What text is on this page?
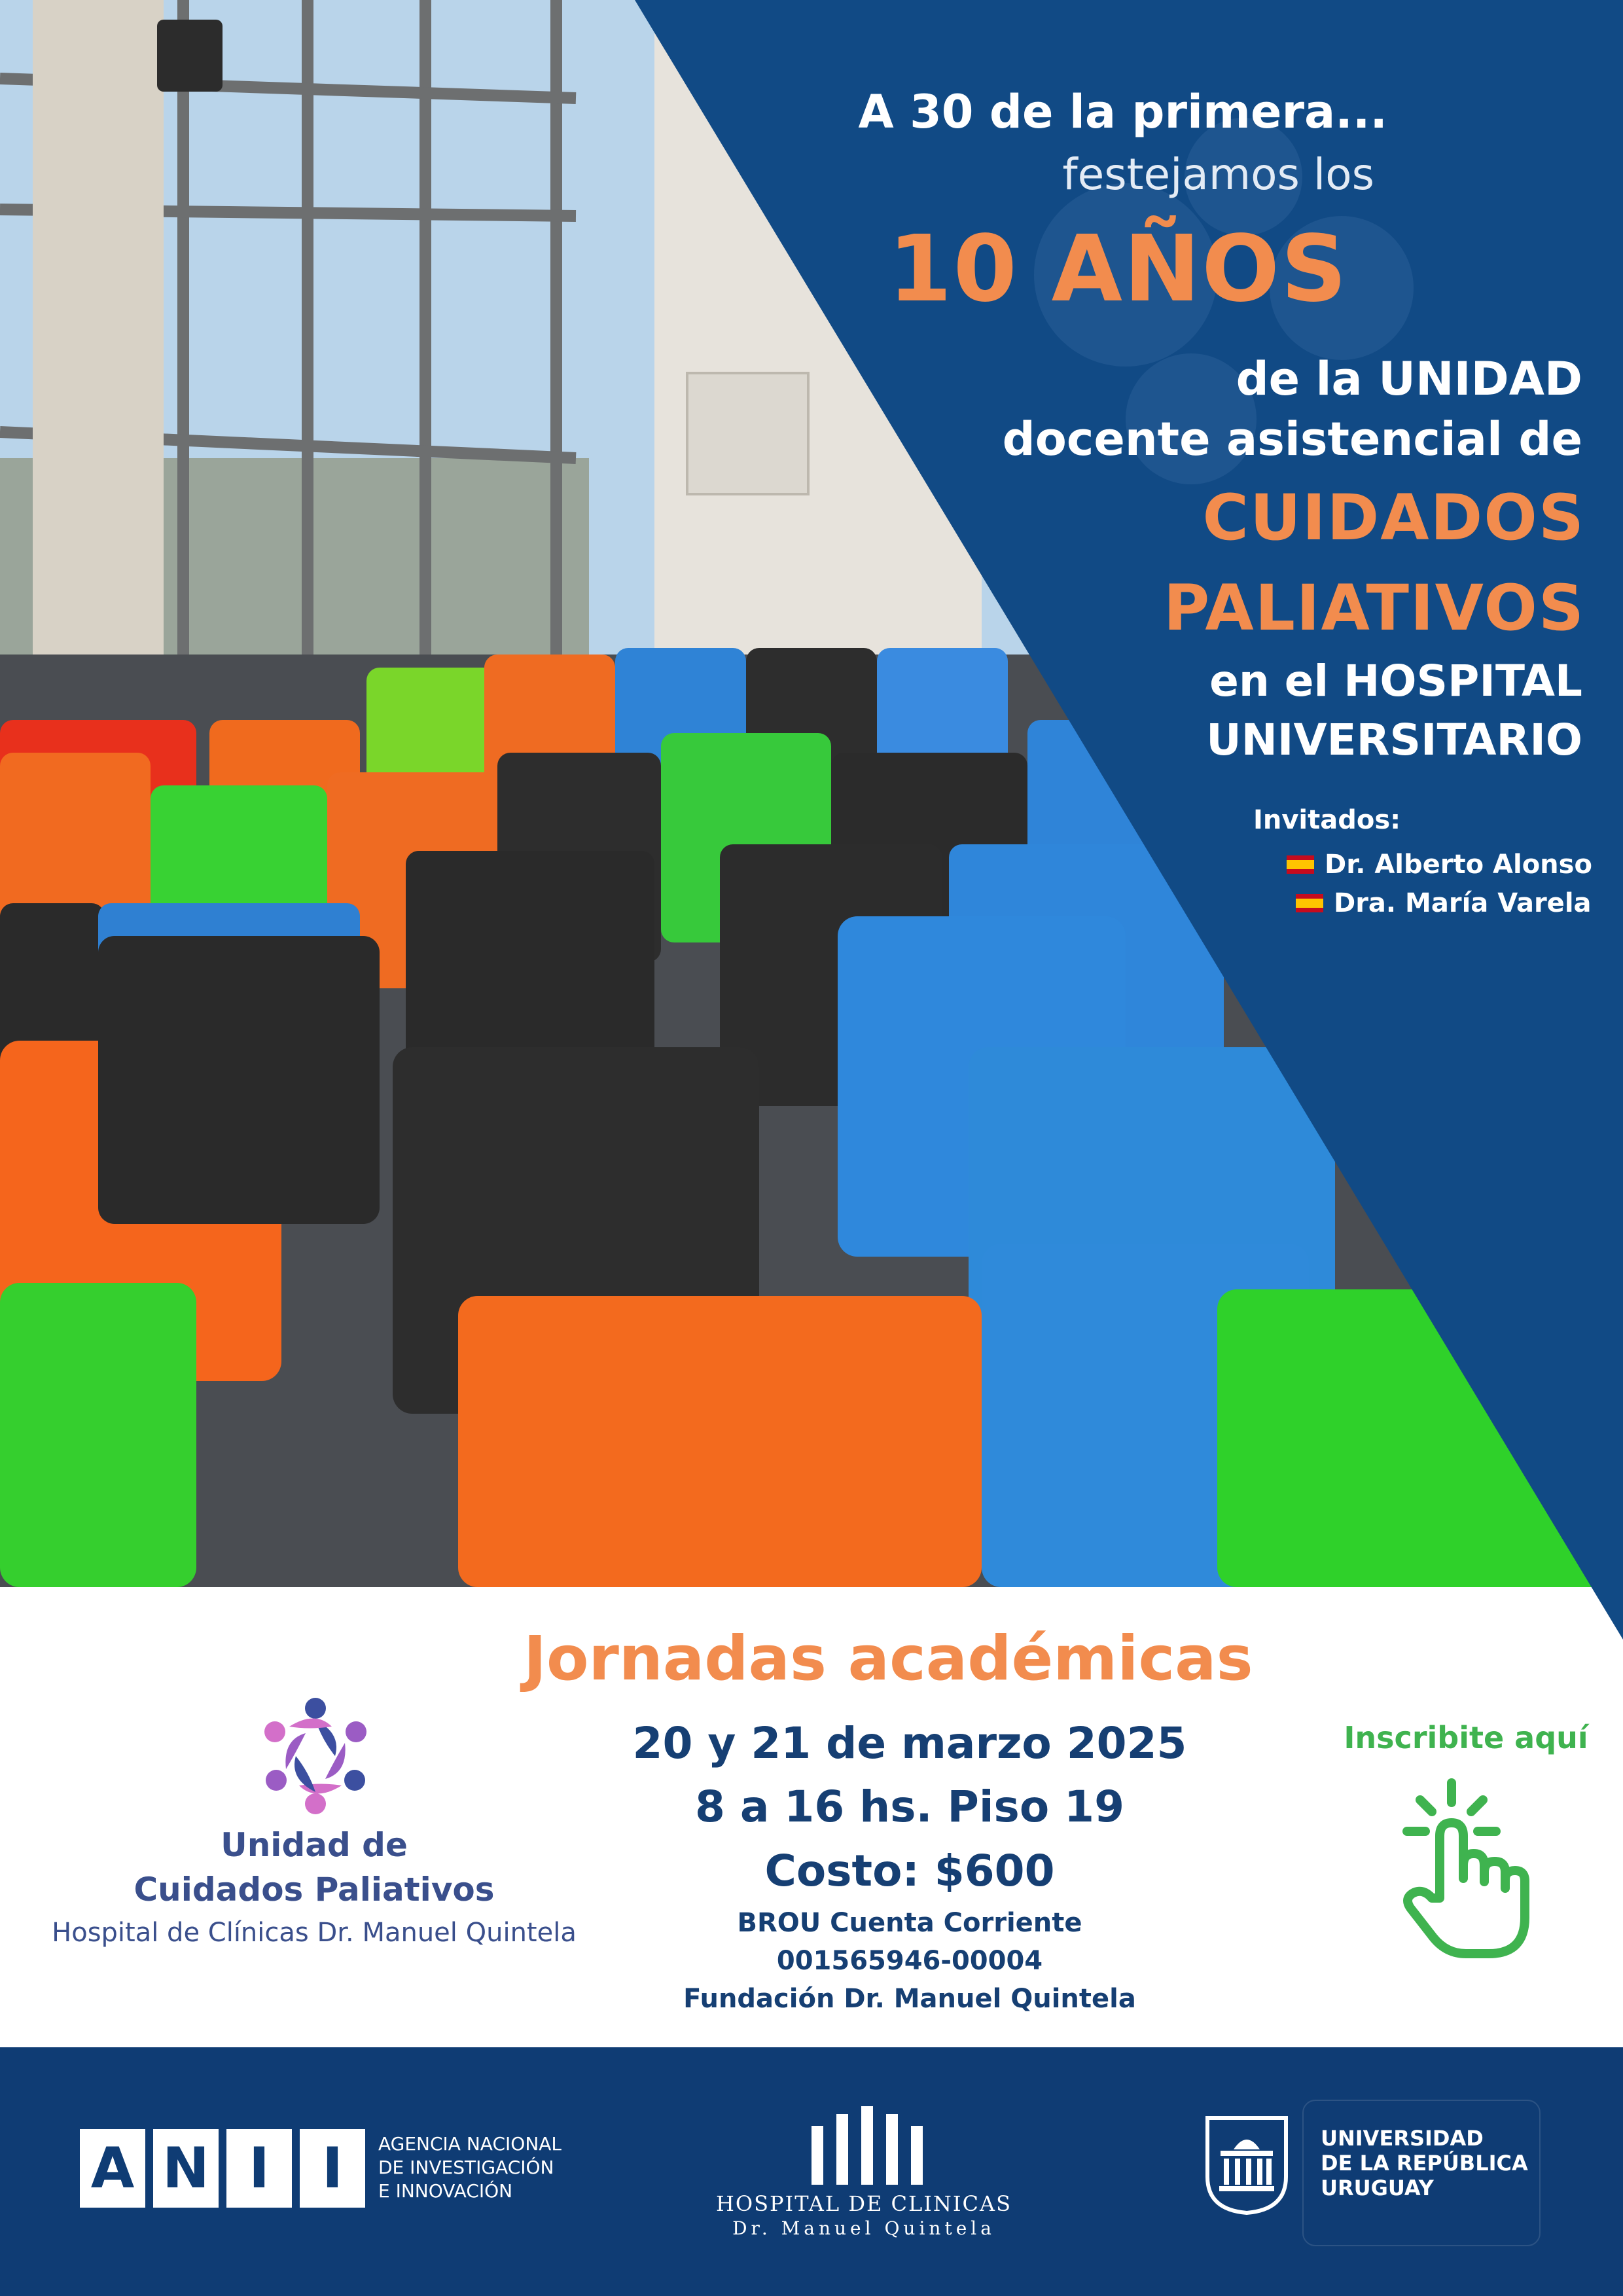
A 30 de la primera...
festejamos los
10 AÑOS
de la UNIDAD
docente asistencial de
CUIDADOS
PALIATIVOS
en el HOSPITAL
UNIVERSITARIO
Invitados:
Dr. Alberto Alonso
Dra. María Varela
Jornadas académicas
20 y 21 de marzo 2025
8 a 16 hs. Piso 19
Costo: $600
BROU Cuenta Corriente
001565946-00004
Fundación Dr. Manuel Quintela
Unidad de
Cuidados Paliativos
Hospital de Clínicas Dr. Manuel Quintela
Inscribite aquí
A N I I	AGENCIA NACIONAL
DE INVESTIGACIÓN
E INNOVACIÓN
HOSPITAL DE CLINICAS
Dr. Manuel Quintela
UNIVERSIDAD
DE LA REPÚBLICA
URUGUAY
